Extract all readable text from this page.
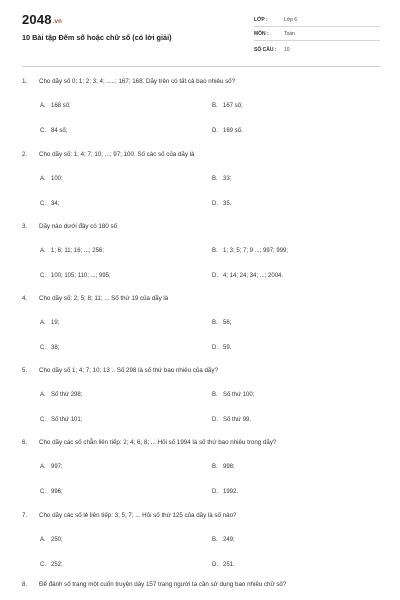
2048.vn
10 Bài tập Đếm số hoặc chữ số (có lời giải)
LỚP :	Lớp 6
MÔN :	Toán
SỐ CÂU :	10
1. Cho dãy số 0; 1; 2; 3; 4; .....; 167; 168. Dãy trên có tất cả bao nhiêu số?
A. 168 số;	B. 167 số;
C. 84 số;	D. 169 số.
2. Cho dãy số: 1; 4; 7; 10; ...; 97; 100. Số các số của dãy là
A. 100;	B. 33;
C. 34;	D. 35.
3. Dãy nào dưới đây có 180 số
A. 1; 6; 11; 16; ...; 256;	B. 1; 3; 5; 7; 9 ...; 997; 999;
C. 100; 105; 110; ...; 995;	D. 4; 14; 24; 34; ...; 2004.
4. Cho dãy số: 2; 5; 8; 11; ... Số thứ 19 của dãy là
A. 19;	B. 56;
C. 38;	D. 59.
5. Cho dãy số 1; 4; 7; 10; 13 .. Số 298 là số thứ bao nhiêu của dãy?
A. Số thứ 298;	B. Số thứ 100;
C. Số thứ 101;	D. Số thứ 99.
6. Cho dãy các số chẵn liên tiếp: 2; 4; 6; 8; ... Hỏi số 1994 là số thứ bao nhiêu trong dãy?
A. 997;	B. 998;
C. 996;	D. 1992.
7. Cho dãy các số lẻ liên tiếp: 3; 5; 7; ... Hỏi số thứ 125 của dãy là số nào?
A. 250;	B. 249;
C. 252;	D. 251.
8. Để đánh số trang một cuốn truyện dày 157 trang người ta cần sử dụng bao nhiêu chữ số?
